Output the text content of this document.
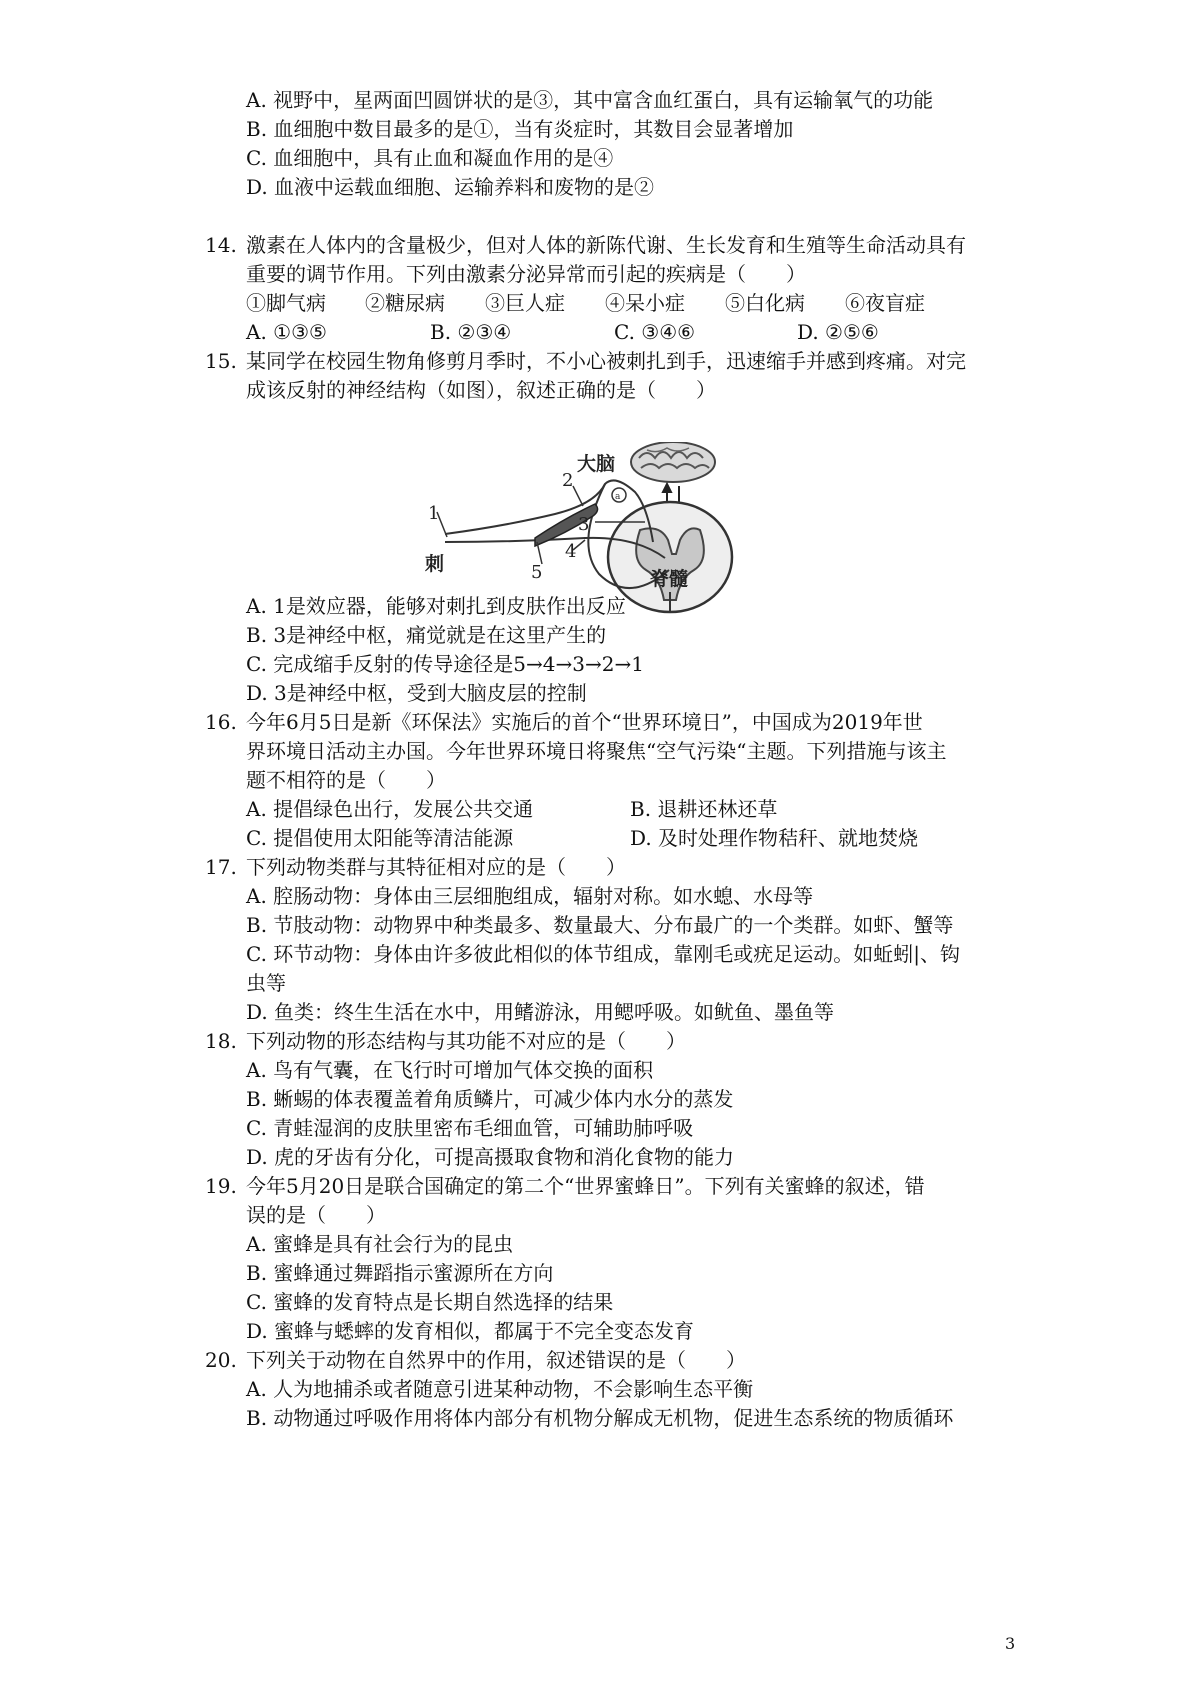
A. 视野中，星两面凹圆饼状的是③，其中富含血红蛋白，具有运输氧气的功能
B. 血细胞中数目最多的是①，当有炎症时，其数目会显著增加
C. 血细胞中，具有止血和凝血作用的是④
D. 血液中运载血细胞、运输养料和废物的是②
14. 激素在人体内的含量极少，但对人体的新陈代谢、生长发育和生殖等生命活动具有
重要的调节作用。下列由激素分泌异常而引起的疾病是（　　）
①脚气病 ②糖尿病 ③巨人症 ④呆小症 ⑤白化病 ⑥夜盲症
A. ①③⑤	B. ②③④	C. ③④⑥	D. ②⑤⑥
15. 某同学在校园生物角修剪月季时，不小心被刺扎到手，迅速缩手并感到疼痛。对完
成该反射的神经结构（如图），叙述正确的是（　　）
大脑
a
1
2
3
4
5
刺
脊髓
A. 1是效应器，能够对刺扎到皮肤作出反应
B. 3是神经中枢，痛觉就是在这里产生的
C. 完成缩手反射的传导途径是5→4→3→2→1
D. 3是神经中枢，受到大脑皮层的控制
16. 今年6月5日是新《环保法》实施后的首个“世界环境日”，中国成为2019年世
界环境日活动主办国。今年世界环境日将聚焦“空气污染“主题。下列措施与该主
题不相符的是（　　）
A. 提倡绿色出行，发展公共交通	B. 退耕还林还草
C. 提倡使用太阳能等清洁能源	D. 及时处理作物秸秆、就地焚烧
17. 下列动物类群与其特征相对应的是（　　）
A. 腔肠动物：身体由三层细胞组成，辐射对称。如水螅、水母等
B. 节肢动物：动物界中种类最多、数量最大、分布最广的一个类群。如虾、蟹等
C. 环节动物：身体由许多彼此相似的体节组成，靠刚毛或疣足运动。如蚯蚓|、钩
虫等
D. 鱼类：终生生活在水中，用鳍游泳，用鳃呼吸。如鱿鱼、墨鱼等
18. 下列动物的形态结构与其功能不对应的是（　　）
A. 鸟有气囊，在飞行时可增加气体交换的面积
B. 蜥蜴的体表覆盖着角质鳞片，可减少体内水分的蒸发
C. 青蛙湿润的皮肤里密布毛细血管，可辅助肺呼吸
D. 虎的牙齿有分化，可提高摄取食物和消化食物的能力
19. 今年5月20日是联合国确定的第二个“世界蜜蜂日”。下列有关蜜蜂的叙述，错
误的是（　　）
A. 蜜蜂是具有社会行为的昆虫
B. 蜜蜂通过舞蹈指示蜜源所在方向
C. 蜜蜂的发育特点是长期自然选择的结果
D. 蜜蜂与蟋蟀的发育相似，都属于不完全变态发育
20. 下列关于动物在自然界中的作用，叙述错误的是（　　）
A. 人为地捕杀或者随意引进某种动物，不会影响生态平衡
B. 动物通过呼吸作用将体内部分有机物分解成无机物，促进生态系统的物质循环
3
